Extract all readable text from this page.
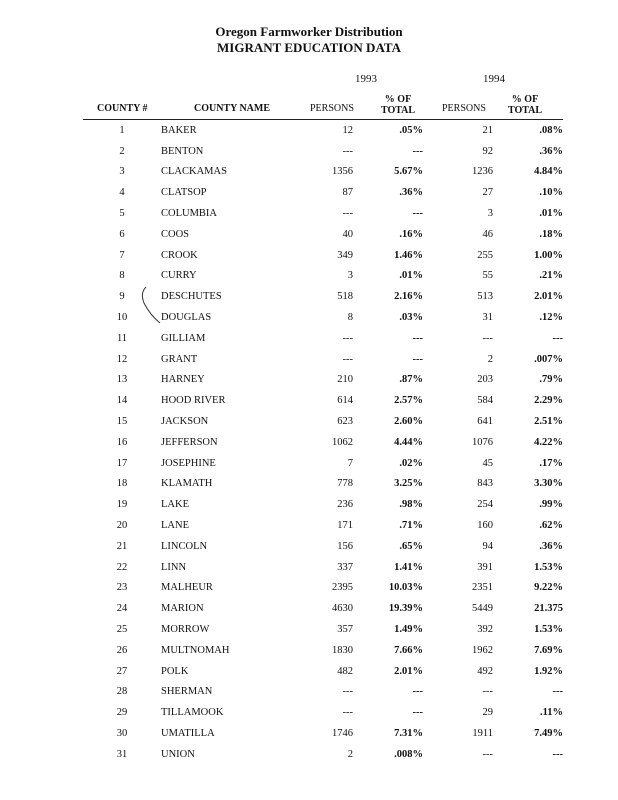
Oregon Farmworker Distribution
MIGRANT EDUCATION DATA
1993	1994
COUNTY #	COUNTY NAME	PERSONS
% OF
TOTAL	PERSONS
% OF
TOTAL
1	BAKER	12	.05%	21	.08%
2	BENTON	---	---	92	.36%
3	CLACKAMAS	1356	5.67%	1236	4.84%
4	CLATSOP	87	.36%	27	.10%
5	COLUMBIA	---	---	3	.01%
6	COOS	40	.16%	46	.18%
7	CROOK	349	1.46%	255	1.00%
8	CURRY	3	.01%	55	.21%
9	DESCHUTES	518	2.16%	513	2.01%
10	DOUGLAS	8	.03%	31	.12%
11	GILLIAM	---	---	---	---
12	GRANT	---	---	2	.007%
13	HARNEY	210	.87%	203	.79%
14	HOOD RIVER	614	2.57%	584	2.29%
15	JACKSON	623	2.60%	641	2.51%
16	JEFFERSON	1062	4.44%	1076	4.22%
17	JOSEPHINE	7	.02%	45	.17%
18	KLAMATH	778	3.25%	843	3.30%
19	LAKE	236	.98%	254	.99%
20	LANE	171	.71%	160	.62%
21	LINCOLN	156	.65%	94	.36%
22	LINN	337	1.41%	391	1.53%
23	MALHEUR	2395	10.03%	2351	9.22%
24	MARION	4630	19.39%	5449	21.375
25	MORROW	357	1.49%	392	1.53%
26	MULTNOMAH	1830	7.66%	1962	7.69%
27	POLK	482	2.01%	492	1.92%
28	SHERMAN	---	---	---	---
29	TILLAMOOK	---	---	29	.11%
30	UMATILLA	1746	7.31%	1911	7.49%
31	UNION	2	.008%	---	---
